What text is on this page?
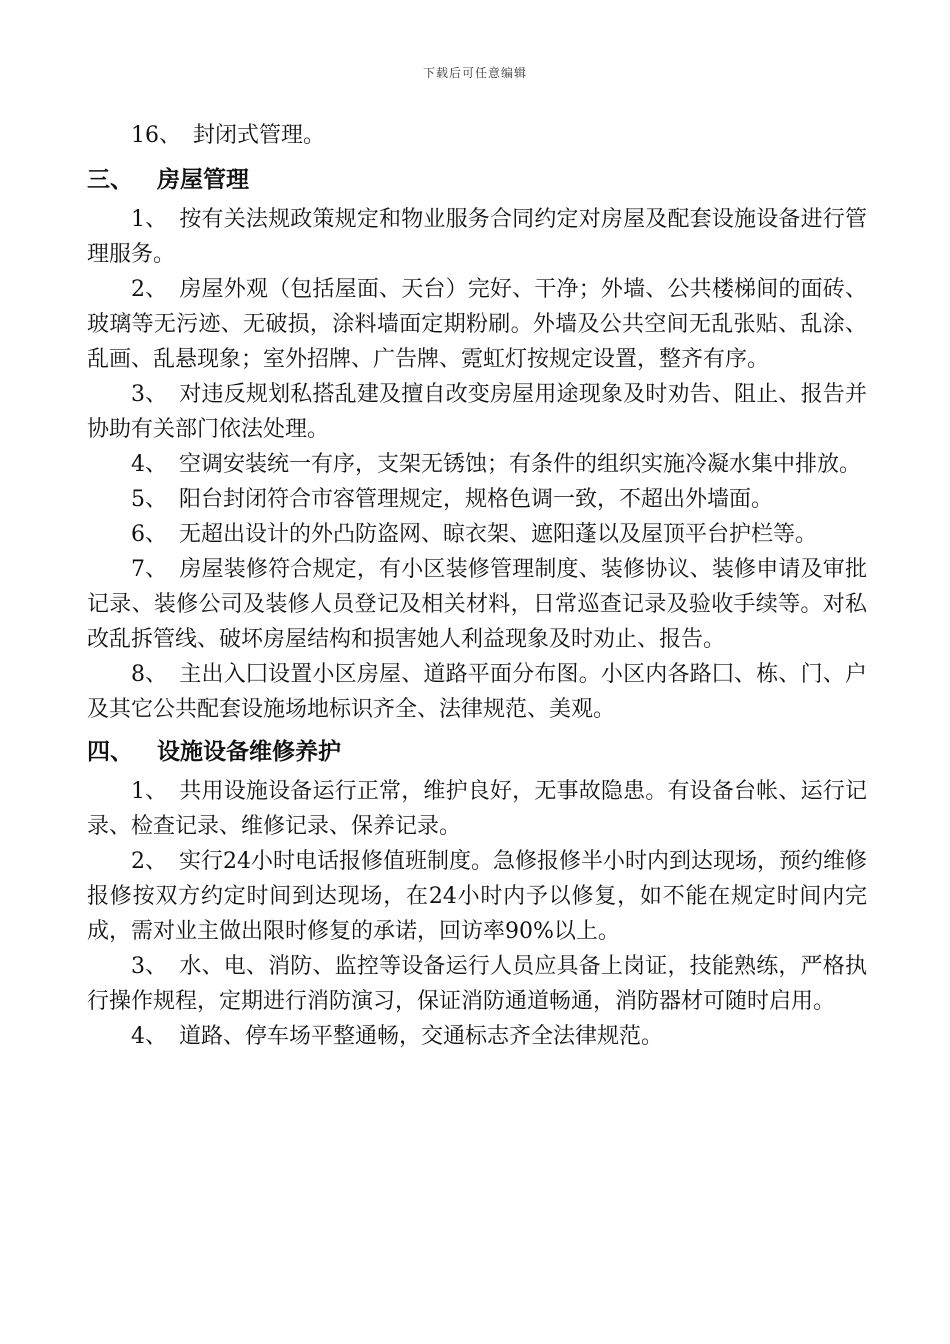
下载后可任意编辑

16、 封闭式管理。

三、 房屋管理

1、 按有关法规政策规定和物业服务合同约定对房屋及配套设施设备进行管理服务。

2、 房屋外观（包括屋面、天台）完好、干净；外墙、公共楼梯间的面砖、玻璃等无污迹、无破损，涂料墙面定期粉刷。外墙及公共空间无乱张贴、乱涂、乱画、乱悬现象；室外招牌、广告牌、霓虹灯按规定设置，整齐有序。

3、 对违反规划私搭乱建及擅自改变房屋用途现象及时劝告、阻止、报告并协助有关部门依法处理。

4、 空调安装统一有序，支架无锈蚀；有条件的组织实施冷凝水集中排放。

5、 阳台封闭符合市容管理规定，规格色调一致，不超出外墙面。

6、 无超出设计的外凸防盗网、晾衣架、遮阳蓬以及屋顶平台护栏等。

7、 房屋装修符合规定，有小区装修管理制度、装修协议、装修申请及审批记录、装修公司及装修人员登记及相关材料，日常巡查记录及验收手续等。对私改乱拆管线、破坏房屋结构和损害她人利益现象及时劝止、报告。

8、 主出入囗设置小区房屋、道路平面分布图。小区内各路囗、栋、门、户及其它公共配套设施场地标识齐全、法律规范、美观。

四、 设施设备维修养护

1、 共用设施设备运行正常，维护良好，无事故隐患。有设备台帐、运行记录、检查记录、维修记录、保养记录。

2、 实行24小时电话报修值班制度。急修报修半小时内到达现场，预约维修报修按双方约定时间到达现场，在24小时内予以修复，如不能在规定时间内完成，需对业主做出限时修复的承诺，回访率90%以上。

3、 水、电、消防、监控等设备运行人员应具备上岗证，技能熟练，严格执行操作规程，定期进行消防演习，保证消防通道畅通，消防器材可随时启用。

4、 道路、停车场平整通畅，交通标志齐全法律规范。
